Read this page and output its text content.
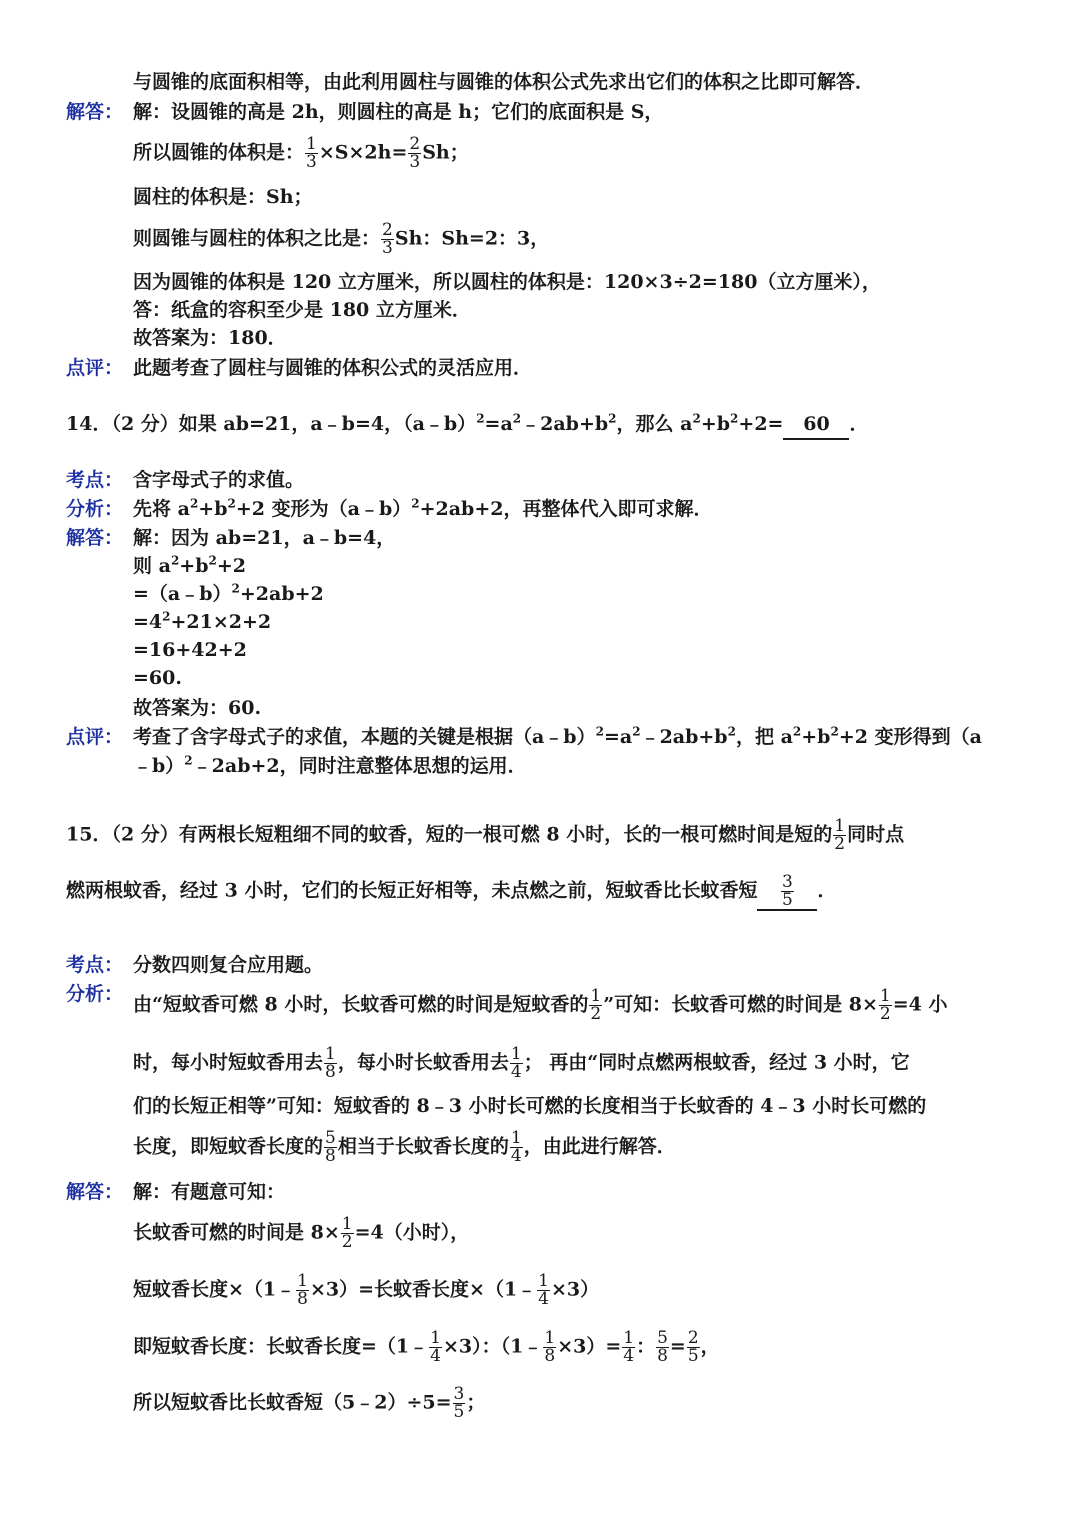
与圆锥的底面积相等，由此利用圆柱与圆锥的体积公式先求出它们的体积之比即可解答．
解答： 解：设圆锥的高是 2h，则圆柱的高是 h；它们的底面积是 S，
所以圆锥的体积是： $\frac{1}{3} \times S\times 2h= \frac{2}{3}$ Sh；
圆柱的体积是：Sh；
则圆锥与圆柱的体积之比是： $\frac{2}{3}$ Sh：Sh=2：3，
因为圆锥的体积是 120 立方厘米，所以圆柱的体积是：120×3÷2=180（立方厘米），
答：纸盒的容积至少是 180 立方厘米．
故答案为：180．
点评： 此题考查了圆柱与圆锥的体积公式的灵活应用．
14．（2 分）如果 ab=21，a﹣b=4，$(a﹣b)^2=a^2﹣2ab+b^2$，那么 $a^2+b^2+2= 60$ ．
考点： 含字母式子的求值。
分析： 先将 $a^2+b^2+2$ 变形为（a﹣b）$^2$+2ab+2，再整体代入即可求解．
解答： 解：因为 ab=21，a﹣b=4，
则 $a^2+b^2+2$
=（a﹣b）$^2$+2ab+2
$=4^2+21\times 2+2$
=16+42+2
=60.
故答案为：60.
点评： 考查了含字母式子的求值，本题的关键是根据$(a﹣b)^2=a^2﹣2ab+b^2$，把 $a^2+b^2+2$ 变形得到（a
﹣b）$^2$﹣2ab+2，同时注意整体思想的运用．
15．（2 分）有两根长短粗细不同的蚊香，短的一根可燃 8 小时，长的一根可燃时间是短的 $\frac{1}{2}$ 同时点
燃两根蚊香，经过 3 小时，它们的长短正好相等，未点燃之前，短蚊香比长蚊香短 $\frac{3}{5}$ ．
考点： 分数四则复合应用题。
分析： 由“短蚊香可燃 8 小时，长蚊香可燃的时间是短蚊香的 $\frac{1}{2}$ ”可知：长蚊香可燃的时间是 $8\times \frac{1}{2} =4$ 小
时，每小时短蚊香用去 $\frac{1}{8}$ ，每小时长蚊香用去 $\frac{1}{4}$ ； 再由“同时点燃两根蚊香，经过 3 小时，它
们的长短正相等”可知：短蚊香的 8﹣3 小时长可燃的长度相当于长蚊香的 4﹣3 小时长可燃的
长度，即短蚊香长度的 $\frac{5}{8}$ 相当于长蚊香长度的 $\frac{1}{4}$ ，由此进行解答．
解答： 解：有题意可知：
长蚊香可燃的时间是 $8\times \frac{1}{2} =4$（小时），
短蚊香长度×（1﹣ $\frac{1}{8} \times 3)=$长蚊香长度×（1﹣ $\frac{1}{4} \times 3$）
即短蚊香长度：长蚊香长度=（1﹣ $\frac{1}{4} \times 3$）：（1﹣ $\frac{1}{8} \times 3)= \frac{1}{4}$ ： $\frac{5}{8} = \frac{2}{5}$ ，
所以短蚊香比长蚊香短（5﹣2）÷5= $\frac{3}{5}$ ；
